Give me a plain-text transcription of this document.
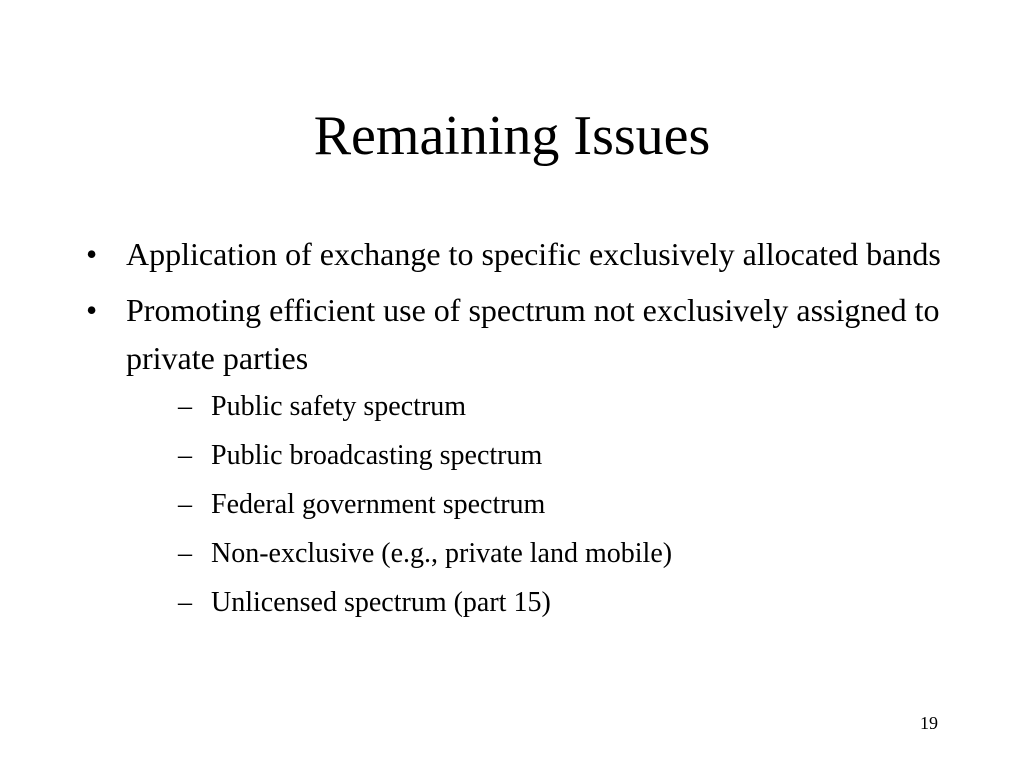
Remaining Issues
• Application of exchange to specific exclusively allocated bands
• Promoting efficient use of spectrum not exclusively assigned to private parties
– Public safety spectrum
– Public broadcasting spectrum
– Federal government spectrum
– Non-exclusive (e.g., private land mobile)
– Unlicensed spectrum (part 15)
19
